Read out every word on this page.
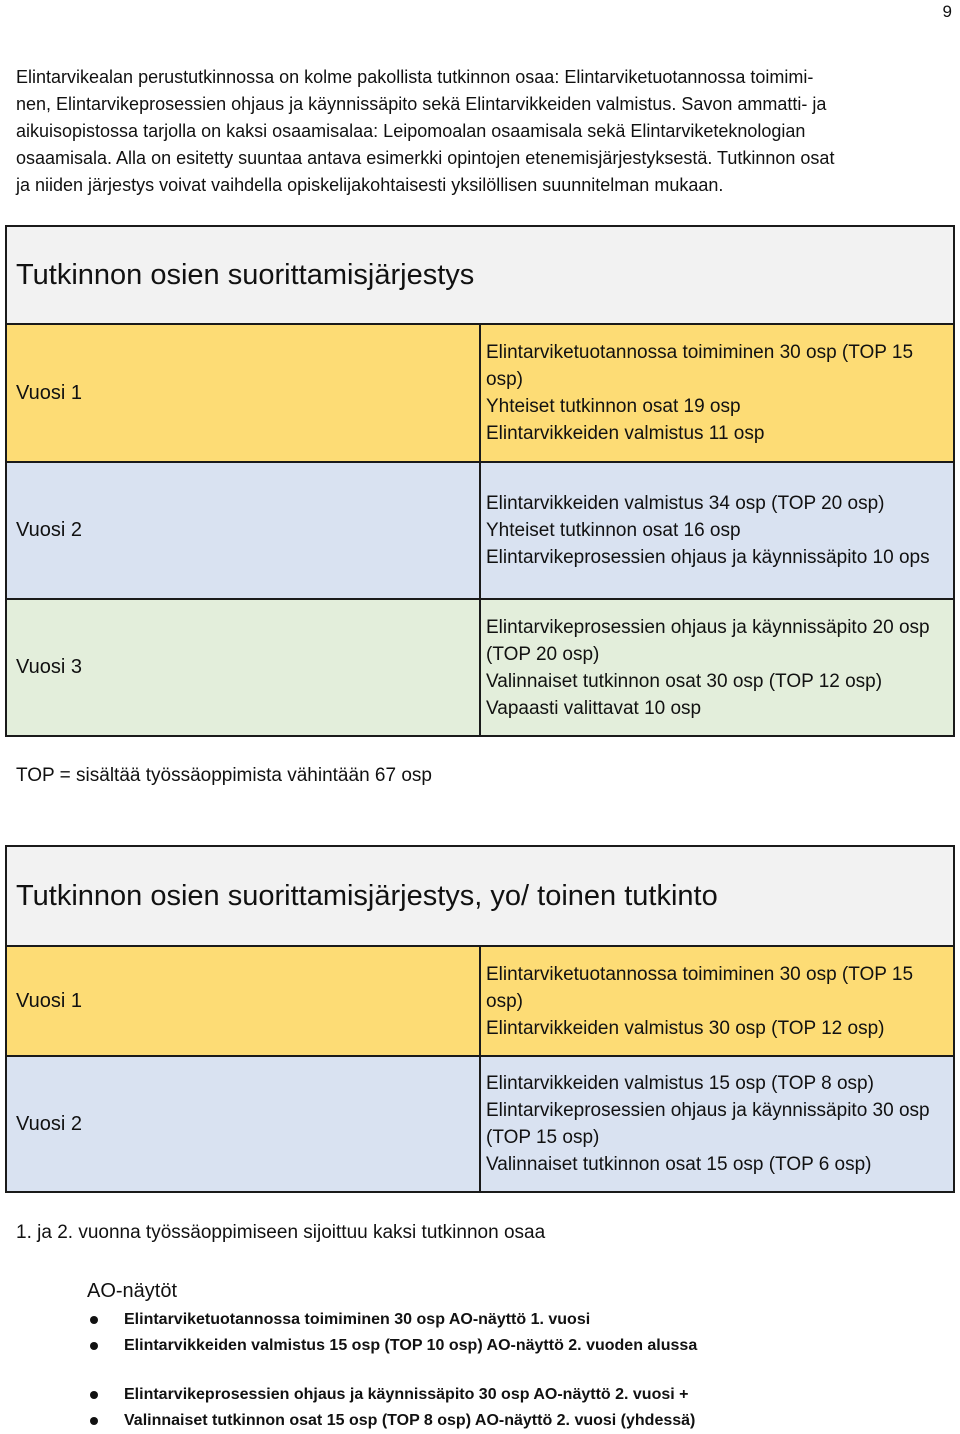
9

Elintarvikealan perustutkinnossa on kolme pakollista tutkinnon osaa: Elintarviketuotannossa toimimi-
nen, Elintarvikeprosessien ohjaus ja käynnissäpito sekä Elintarvikkeiden valmistus. Savon ammatti- ja
aikuisopistossa tarjolla on kaksi osaamisalaa: Leipomoalan osaamisala sekä Elintarviketeknologian
osaamisala. Alla on esitetty suuntaa antava esimerkki opintojen etenemisjärjestyksestä. Tutkinnon osat
ja niiden järjestys voivat vaihdella opiskelijakohtaisesti yksilöllisen suunnitelman mukaan.

Tutkinnon osien suorittamisjärjestys	
Vuosi 1	Elintarviketuotannossa toimiminen 30 osp (TOP 15 osp)
Yhteiset tutkinnon osat 19 osp
Elintarvikkeiden valmistus 11 osp

Vuosi 2	Elintarvikkeiden valmistus 34 osp (TOP 20 osp)
Yhteiset tutkinnon osat 16 osp
Elintarvikeprosessien ohjaus ja käynnissäpito 10 ops

Vuosi 3	Elintarvikeprosessien ohjaus ja käynnissäpito 20 osp (TOP 20 osp)
Valinnaiset tutkinnon osat 30 osp (TOP 12 osp)
Vapaasti valittavat 10 osp

TOP = sisältää työssäoppimista vähintään 67 osp

Tutkinnon osien suorittamisjärjestys, yo/ toinen tutkinto	
Vuosi 1	Elintarviketuotannossa toimiminen 30 osp (TOP 15 osp)
Elintarvikkeiden valmistus 30 osp (TOP 12 osp)

Vuosi 2	Elintarvikkeiden valmistus 15 osp (TOP 8 osp)
Elintarvikeprosessien ohjaus ja käynnissäpito 30 osp (TOP 15 osp)
Valinnaiset tutkinnon osat 15 osp (TOP 6 osp)

1. ja 2. vuonna työssäoppimiseen sijoittuu kaksi tutkinnon osaa

AO-näytöt

Elintarviketuotannossa toimiminen 30 osp AO-näyttö 1. vuosi
Elintarvikkeiden valmistus 15 osp (TOP 10 osp) AO-näyttö 2. vuoden alussa
Elintarvikeprosessien ohjaus ja käynnissäpito 30 osp AO-näyttö 2. vuosi +
Valinnaiset tutkinnon osat 15 osp (TOP 8 osp) AO-näyttö 2. vuosi (yhdessä)
